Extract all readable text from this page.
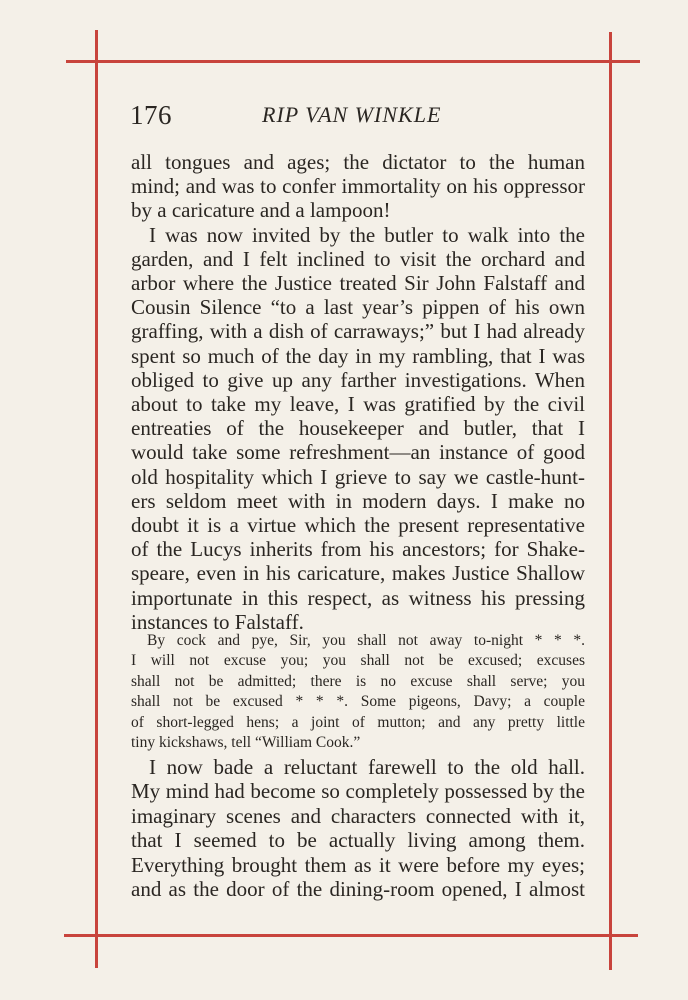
176	RIP VAN WINKLE
all tongues and ages; the dictator to the human
mind; and was to confer immortality on his oppressor
by a caricature and a lampoon!
I was now invited by the butler to walk into the
garden, and I felt inclined to visit the orchard and
arbor where the Justice treated Sir John Falstaff and
Cousin Silence “to a last year’s pippen of his own
graffing, with a dish of carraways;” but I had already
spent so much of the day in my rambling, that I was
obliged to give up any farther investigations. When
about to take my leave, I was gratified by the civil
entreaties of the housekeeper and butler, that I
would take some refreshment—an instance of good
old hospitality which I grieve to say we castle-hunt-
ers seldom meet with in modern days. I make no
doubt it is a virtue which the present representative
of the Lucys inherits from his ancestors; for Shake-
speare, even in his caricature, makes Justice Shallow
importunate in this respect, as witness his pressing
instances to Falstaff.
By cock and pye, Sir, you shall not away to-night * * *.
I will not excuse you; you shall not be excused; excuses
shall not be admitted; there is no excuse shall serve; you
shall not be excused * * *. Some pigeons, Davy; a couple
of short-legged hens; a joint of mutton; and any pretty little
tiny kickshaws, tell “William Cook.”
I now bade a reluctant farewell to the old hall.
My mind had become so completely possessed by the
imaginary scenes and characters connected with it,
that I seemed to be actually living among them.
Everything brought them as it were before my eyes;
and as the door of the dining-room opened, I almost
